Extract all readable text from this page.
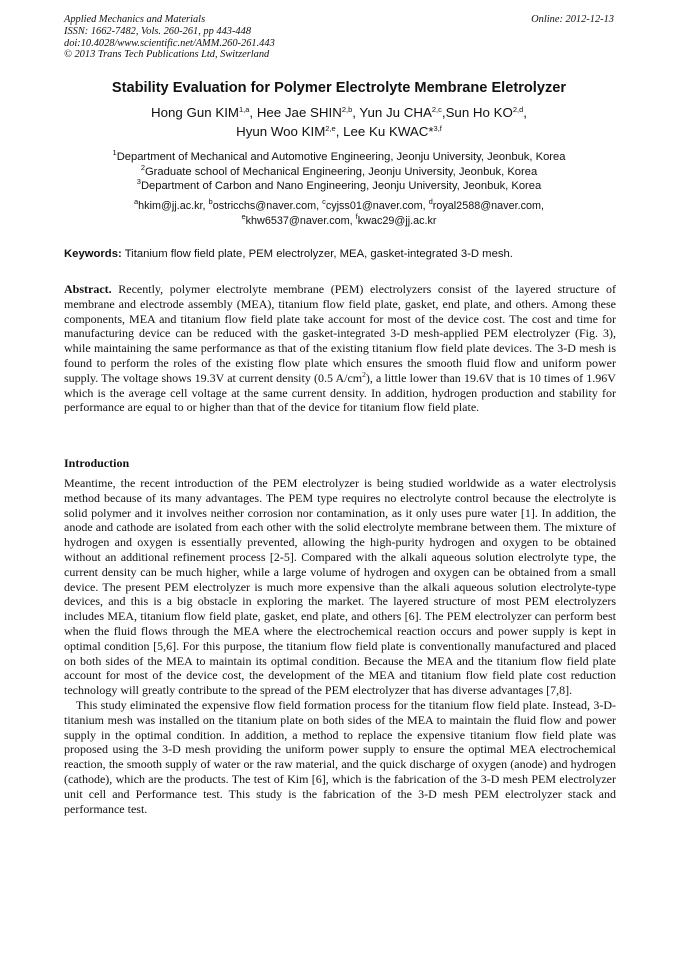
Applied Mechanics and Materials
ISSN: 1662-7482, Vols. 260-261, pp 443-448
doi:10.4028/www.scientific.net/AMM.260-261.443
© 2013 Trans Tech Publications Ltd, Switzerland
Online: 2012-12-13
Stability Evaluation for Polymer Electrolyte Membrane Eletrolyzer
Hong Gun KIM$^{1,a}$, Hee Jae SHIN$^{2,b}$, Yun Ju CHA$^{2,c}$,Sun Ho KO$^{2,d}$,
Hyun Woo KIM$^{2,e}$, Lee Ku KWAC*$^{3,f}$
$^1$Department of Mechanical and Automotive Engineering, Jeonju University, Jeonbuk, Korea
$^2$Graduate school of Mechanical Engineering, Jeonju University, Jeonbuk, Korea
$^3$Department of Carbon and Nano Engineering, Jeonju University, Jeonbuk, Korea
$^a$hkim@jj.ac.kr, $^b$ostricchs@naver.com, $^c$cyjss01@naver.com, $^d$royal2588@naver.com,
$^e$khw6537@naver.com, $^f$kwac29@jj.ac.kr
Keywords: Titanium flow field plate, PEM electrolyzer, MEA, gasket-integrated 3-D mesh.
Abstract. Recently, polymer electrolyte membrane (PEM) electrolyzers consist of the layered structure of membrane and electrode assembly (MEA), titanium flow field plate, gasket, end plate, and others. Among these components, MEA and titanium flow field plate take account for most of the device cost. The cost and time for manufacturing device can be reduced with the gasket-integrated 3-D mesh-applied PEM electrolyzer (Fig. 3), while maintaining the same performance as that of the existing titanium flow field plate devices. The 3-D mesh is found to perform the roles of the existing flow plate which ensures the smooth fluid flow and uniform power supply. The voltage shows 19.3V at current density (0.5 $A/cm^2$), a little lower than 19.6V that is 10 times of 1.96V which is the average cell voltage at the same current density. In addition, hydrogen production and stability for performance are equal to or higher than that of the device for titanium flow field plate.
Introduction

Meantime, the recent introduction of the PEM electrolyzer is being studied worldwide as a water electrolysis method because of its many advantages. The PEM type requires no electrolyte control because the electrolyte is solid polymer and it involves neither corrosion nor contamination, as it only uses pure water [1]. In addition, the anode and cathode are isolated from each other with the solid electrolyte membrane between them. The mixture of hydrogen and oxygen is essentially prevented, allowing the high-purity hydrogen and oxygen to be obtained without an additional refinement process [2-5]. Compared with the alkali aqueous solution electrolyte type, the current density can be much higher, while a large volume of hydrogen and oxygen can be obtained from a small device. The present PEM electrolyzer is much more expensive than the alkali aqueous solution electrolyte-type devices, and this is a big obstacle in exploring the market. The layered structure of most PEM electrolyzers includes MEA, titanium flow field plate, gasket, end plate, and others [6]. The PEM electrolyzer can perform best when the fluid flows through the MEA where the electrochemical reaction occurs and power supply is kept in optimal condition [5,6]. For this purpose, the titanium flow field plate is conventionally manufactured and placed on both sides of the MEA to maintain its optimal condition. Because the MEA and the titanium flow field plate account for most of the device cost, the development of the MEA and titanium flow field plate cost reduction technology will greatly contribute to the spread of the PEM electrolyzer that has diverse advantages [7,8].

This study eliminated the expensive flow field formation process for the titanium flow field plate. Instead, 3-D-titanium mesh was installed on the titanium plate on both sides of the MEA to maintain the fluid flow and power supply in the optimal condition. In addition, a method to replace the expensive titanium flow field plate was proposed using the 3-D mesh providing the uniform power supply to ensure the optimal MEA electrochemical reaction, the smooth supply of water or the raw material, and the quick discharge of oxygen (anode) and hydrogen (cathode), which are the products. The test of Kim [6], which is the fabrication of the 3-D mesh PEM electrolyzer unit cell and Performance test. This study is the fabrication of the 3-D mesh PEM electrolyzer stack and performance test.
